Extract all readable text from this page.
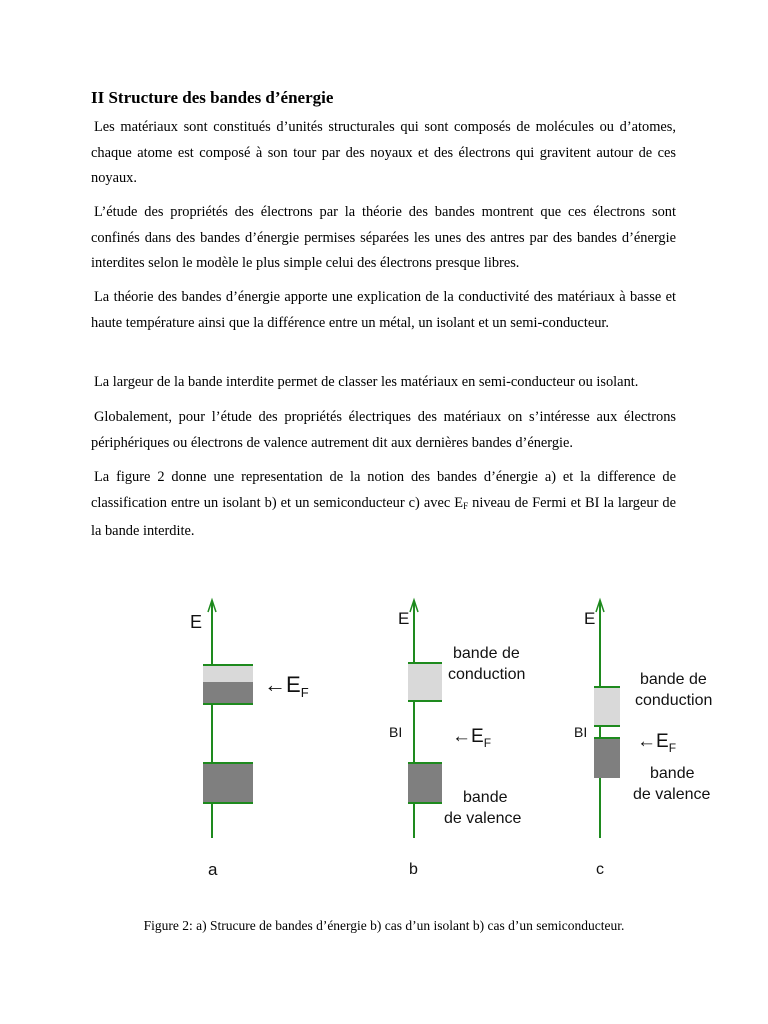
II Structure des bandes d’énergie

Les matériaux sont constitués d’unités structurales qui sont composés de molécules ou d’atomes, chaque atome est composé à son tour par des noyaux et des électrons qui gravitent autour de ces noyaux.

L’étude des propriétés des électrons par la théorie des bandes montrent que ces électrons sont confinés dans des bandes d’énergie permises séparées les unes des antres par des bandes d’énergie interdites selon le modèle le plus simple celui des électrons presque libres.

La théorie des bandes d’énergie apporte une explication de la conductivité des matériaux à basse et haute température ainsi que la différence entre un métal, un isolant et un semi-conducteur.

La largeur de la bande interdite permet de classer les matériaux en semi-conducteur ou isolant.

Globalement, pour l’étude des propriétés électriques des matériaux on s’intéresse aux électrons périphériques ou électrons de valence autrement dit aux dernières bandes d’énergie.

La figure 2 donne une representation de la notion des bandes d’énergie a) et la difference de classification entre un isolant b) et un semiconducteur c) avec $E_F$ niveau de Fermi et BI la largeur de la bande interdite.

E
$\leftarrow E_F$
a
E
bande de
conduction
BI	$\leftarrow E_F$
bande
de valence
b
E
BI
bande de
conduction
$\leftarrow E_F$
bande
de valence
c
Figure 2: a) Strucure de bandes d’énergie b) cas d’un isolant b) cas d’un semiconducteur.
